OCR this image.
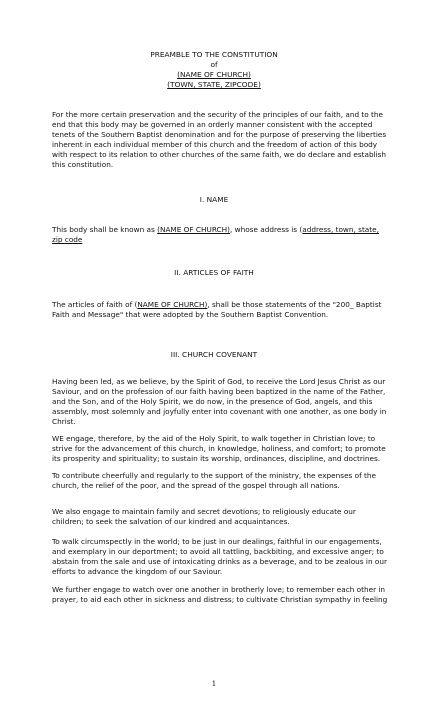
PREAMBLE TO THE CONSTITUTION
of
(NAME OF CHURCH)
(TOWN, STATE, ZIPCODE)
For the more certain preservation and the security of the principles of our faith, and to the
end that this body may be governed in an orderly manner consistent with the accepted
tenets of the Southern Baptist denomination and for the purpose of preserving the liberties
inherent in each individual member of this church and the freedom of action of this body
with respect to its relation to other churches of the same faith, we do declare and establish
this constitution.
I. NAME
This body shall be known as (NAME OF CHURCH), whose address is (address, town, state,
zip code
II. ARTICLES OF FAITH
The articles of faith of (NAME OF CHURCH), shall be those statements of the "200_ Baptist
Faith and Message" that were adopted by the Southern Baptist Convention.
III. CHURCH COVENANT
Having been led, as we believe, by the Spirit of God, to receive the Lord Jesus Christ as our
Saviour, and on the profession of our faith having been baptized in the name of the Father,
and the Son, and of the Holy Spirit, we do now, in the presence of God, angels, and this
assembly, most solemnly and joyfully enter into covenant with one another, as one body in
Christ.
WE engage, therefore, by the aid of the Holy Spirit, to walk together in Christian love; to
strive for the advancement of this church, in knowledge, holiness, and comfort; to promote
its prosperity and spirituality; to sustain its worship, ordinances, discipline, and doctrines.
To contribute cheerfully and regularly to the support of the ministry, the expenses of the
church, the relief of the poor, and the spread of the gospel through all nations.
We also engage to maintain family and secret devotions; to religiously educate our
children; to seek the salvation of our kindred and acquaintances.
To walk circumspectly in the world; to be just in our dealings, faithful in our engagements,
and exemplary in our deportment; to avoid all tattling, backbiting, and excessive anger; to
abstain from the sale and use of intoxicating drinks as a beverage, and to be zealous in our
efforts to advance the kingdom of our Saviour.
We further engage to watch over one another in brotherly love; to remember each other in
prayer, to aid each other in sickness and distress; to cultivate Christian sympathy in feeling
1
